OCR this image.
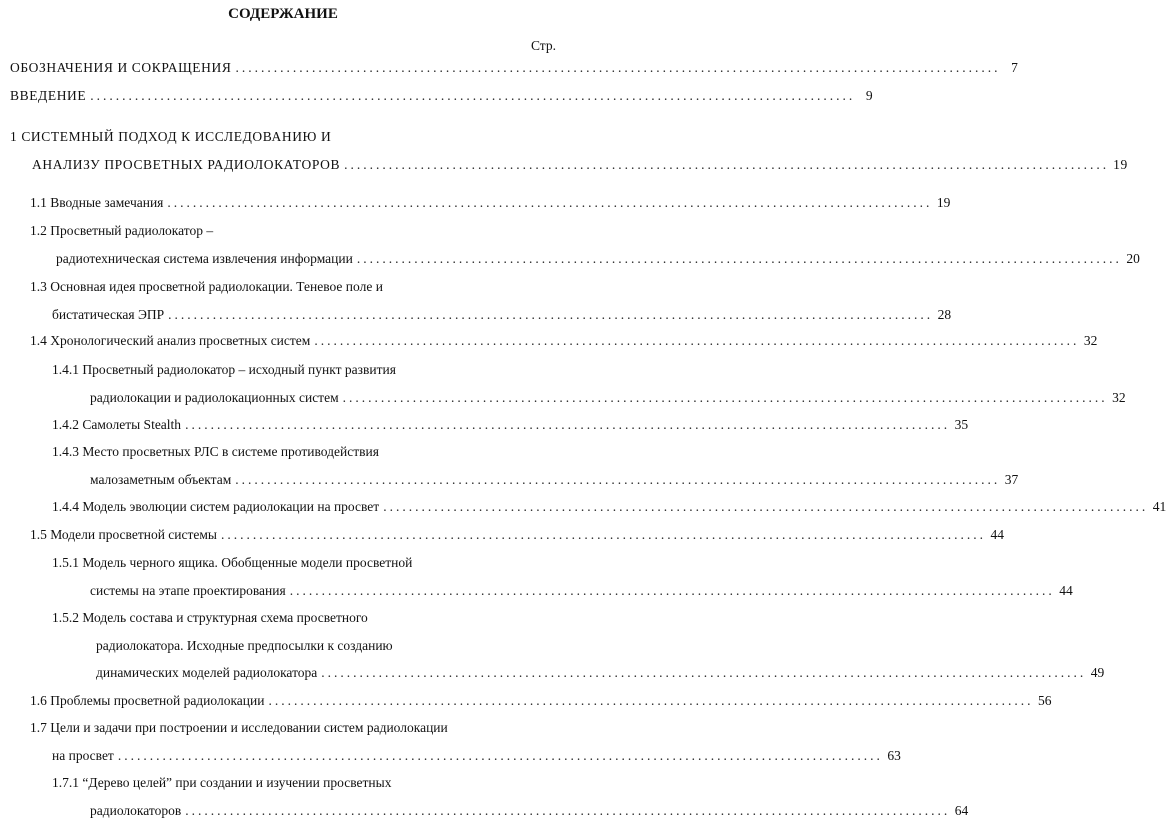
СОДЕРЖАНИЕ
Стр.
ОБОЗНАЧЕНИЯ И СОКРАЩЕНИЯ ........................................................................................................................ 7
ВВЕДЕНИЕ ........................................................................................................................ 9
1 СИСТЕМНЫЙ ПОДХОД К ИССЛЕДОВАНИЮ И
АНАЛИЗУ ПРОСВЕТНЫХ РАДИОЛОКАТОРОВ ........................................................................................................................ 19
1.1 Вводные замечания ........................................................................................................................ 19
1.2 Просветный радиолокатор –
радиотехническая система извлечения информации ........................................................................................................................ 20
1.3 Основная идея просветной радиолокации. Теневое поле и
бистатическая ЭПР ........................................................................................................................ 28
1.4 Хронологический анализ просветных систем ........................................................................................................................ 32
1.4.1 Просветный радиолокатор – исходный пункт развития
радиолокации и радиолокационных систем ........................................................................................................................ 32
1.4.2 Самолеты Stealth ........................................................................................................................ 35
1.4.3 Место просветных РЛС в системе противодействия
малозаметным объектам ........................................................................................................................ 37
1.4.4 Модель эволюции систем радиолокации на просвет ........................................................................................................................ 41
1.5 Модели просветной системы ........................................................................................................................ 44
1.5.1 Модель черного ящика. Обобщенные модели просветной
системы на этапе проектирования ........................................................................................................................ 44
1.5.2 Модель состава и структурная схема просветного
радиолокатора. Исходные предпосылки к созданию
динамических моделей радиолокатора ........................................................................................................................ 49
1.6 Проблемы просветной радиолокации ........................................................................................................................ 56
1.7 Цели и задачи при построении и исследовании систем радиолокации
на просвет ........................................................................................................................ 63
1.7.1 “Дерево целей” при создании и изучении просветных
радиолокаторов ........................................................................................................................ 64
